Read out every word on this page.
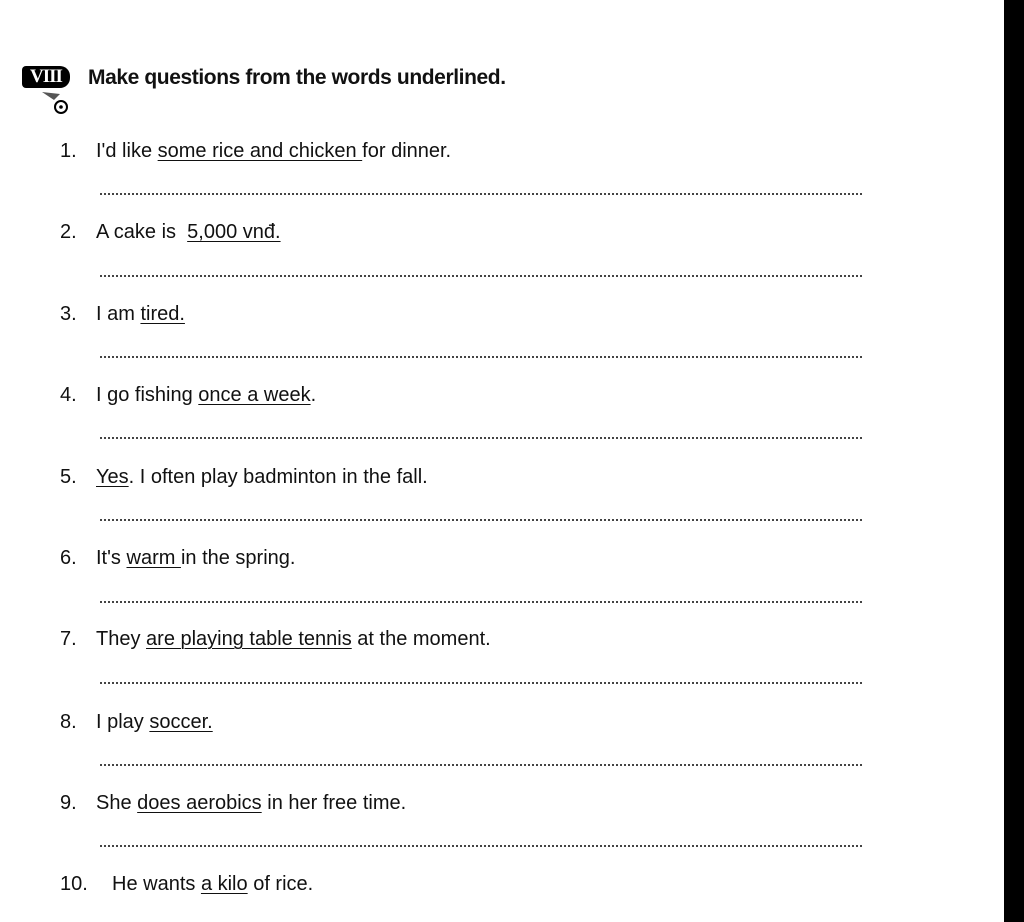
VIII	Make questions from the words underlined.
1. I'd like some rice and chicken for dinner.
2. A cake is  5,000 vnđ.
3. I am tired.
4. I go fishing once a week.
5. Yes. I often play badminton in the fall.
6. It's warm in the spring.
7. They are playing table tennis at the moment.
8. I play soccer.
9. She does aerobics in her free time.
10. He wants a kilo of rice.
